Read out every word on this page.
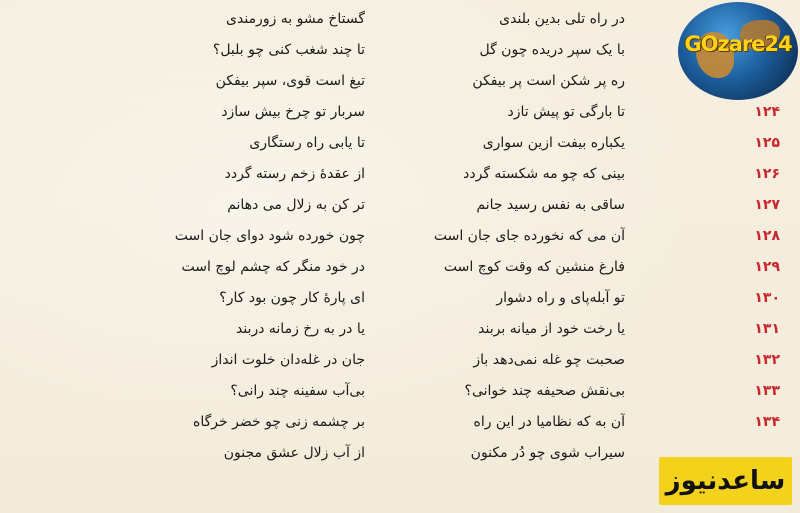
در راه تلی بدین بلندی
گستاخ مشو به زورمندی
با یک سپر دریده چون گل
تا چند شغب کنی چو بلبل؟
ره پر شکن است پر بیفکن
تیغ است قوی، سپر بیفکن
۱۲۴
تا بارگی تو پیش تازد
سربار تو چرخ بیش سازد
۱۲۵
یکباره بیفت ازین سواری
تا یابی راه رستگاری
۱۲۶
بینی که چو مه شکسته گردد
از عقدهٔ زخم رسته گردد
۱۲۷
ساقی به نفس رسید جانم
تر کن به زلال می دهانم
۱۲۸
آن می که نخورده جای جان است
چون خورده شود دوای جان است
۱۲۹
فارغ منشین که وقت کوچ است
در خود منگر که چشم لوچ است
۱۳۰
تو آبله‌پای و راه دشوار
ای پارهٔ کار چون بود کار؟
۱۳۱
یا رخت خود از میانه بربند
یا در به رخ زمانه دربند
۱۳۲
صحبت چو غله نمی‌دهد باز
جان در غله‌دان خلوت انداز
۱۳۳
بی‌نقش صحیفه چند خوانی؟
بی‌آب سفینه چند رانی؟
۱۳۴
آن به که نظامیا در این راه
بر چشمه زنی چو خضر خرگاه
سیراب شوی چو دُر مکنون
از آب زلال عشق مجنون
GOzare24
ساعدنیوز
